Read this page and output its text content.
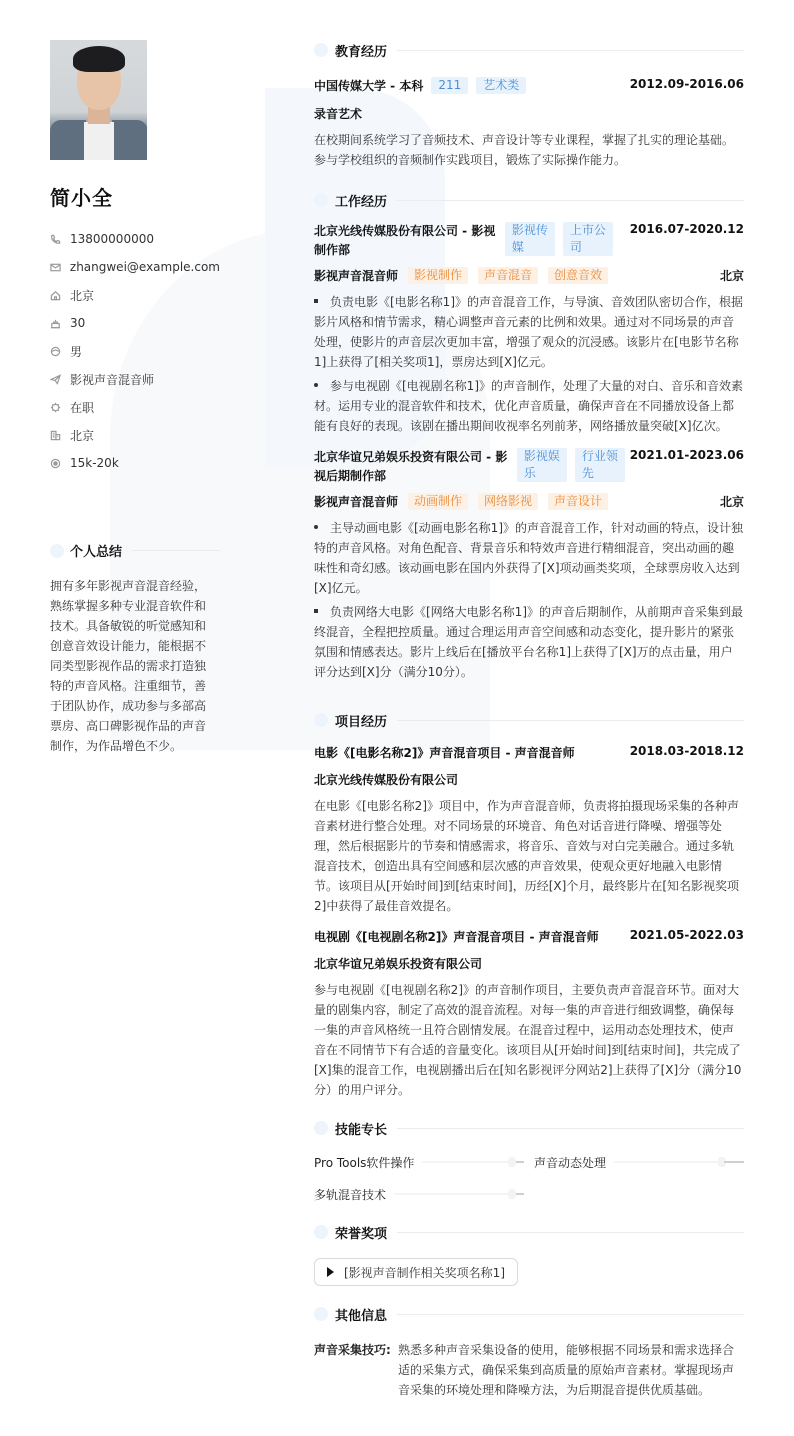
简小全
13800000000
zhangwei@example.com
北京
30
男
影视声音混音师
在职
北京
15k-20k
个人总结
拥有多年影视声音混音经验，熟练掌握多种专业混音软件和技术。具备敏锐的听觉感知和创意音效设计能力，能根据不同类型影视作品的需求打造独特的声音风格。注重细节，善于团队协作，成功参与多部高票房、高口碑影视作品的声音制作，为作品增色不少。
教育经历
中国传媒大学 - 本科	211	艺术类	2012.09-2016.06
录音艺术
在校期间系统学习了音频技术、声音设计等专业课程，掌握了扎实的理论基础。参与学校组织的音频制作实践项目，锻炼了实际操作能力。
工作经历
北京光线传媒股份有限公司 - 影视制作部
影视传媒
上市公司
2016.07-2020.12
影视声音混音师	影视制作	声音混音	创意音效	北京
负责电影《[电影名称1]》的声音混音工作，与导演、音效团队密切合作，根据影片风格和情节需求，精心调整声音元素的比例和效果。通过对不同场景的声音处理，使影片的声音层次更加丰富，增强了观众的沉浸感。该影片在[电影节名称1]上获得了[相关奖项1]，票房达到[X]亿元。
参与电视剧《[电视剧名称1]》的声音制作，处理了大量的对白、音乐和音效素材。运用专业的混音软件和技术，优化声音质量，确保声音在不同播放设备上都能有良好的表现。该剧在播出期间收视率名列前茅，网络播放量突破[X]亿次。
北京华谊兄弟娱乐投资有限公司 - 影视后期制作部
影视娱乐
行业领先
2021.01-2023.06
影视声音混音师	动画制作	网络影视	声音设计	北京
主导动画电影《[动画电影名称1]》的声音混音工作，针对动画的特点，设计独特的声音风格。对角色配音、背景音乐和特效声音进行精细混音，突出动画的趣味性和奇幻感。该动画电影在国内外获得了[X]项动画类奖项，全球票房收入达到[X]亿元。
负责网络大电影《[网络大电影名称1]》的声音后期制作，从前期声音采集到最终混音，全程把控质量。通过合理运用声音空间感和动态变化，提升影片的紧张氛围和情感表达。影片上线后在[播放平台名称1]上获得了[X]万的点击量，用户评分达到[X]分（满分10分）。
项目经历
电影《[电影名称2]》声音混音项目 - 声音混音师	2018.03-2018.12
北京光线传媒股份有限公司
在电影《[电影名称2]》项目中，作为声音混音师，负责将拍摄现场采集的各种声音素材进行整合处理。对不同场景的环境音、角色对话音进行降噪、增强等处理，然后根据影片的节奏和情感需求，将音乐、音效与对白完美融合。通过多轨混音技术，创造出具有空间感和层次感的声音效果，使观众更好地融入电影情节。该项目从[开始时间]到[结束时间]，历经[X]个月，最终影片在[知名影视奖项2]中获得了最佳音效提名。
电视剧《[电视剧名称2]》声音混音项目 - 声音混音师	2021.05-2022.03
北京华谊兄弟娱乐投资有限公司
参与电视剧《[电视剧名称2]》的声音制作项目，主要负责声音混音环节。面对大量的剧集内容，制定了高效的混音流程。对每一集的声音进行细致调整，确保每一集的声音风格统一且符合剧情发展。在混音过程中，运用动态处理技术，使声音在不同情节下有合适的音量变化。该项目从[开始时间]到[结束时间]，共完成了[X]集的混音工作，电视剧播出后在[知名影视评分网站2]上获得了[X]分（满分10分）的用户评分。
技能专长
Pro Tools软件操作	声音动态处理
多轨混音技术
荣誉奖项
[影视声音制作相关奖项名称1]
其他信息
声音采集技巧: 熟悉多种声音采集设备的使用，能够根据不同场景和需求选择合适的采集方式，确保采集到高质量的原始声音素材。掌握现场声音采集的环境处理和降噪方法，为后期混音提供优质基础。
